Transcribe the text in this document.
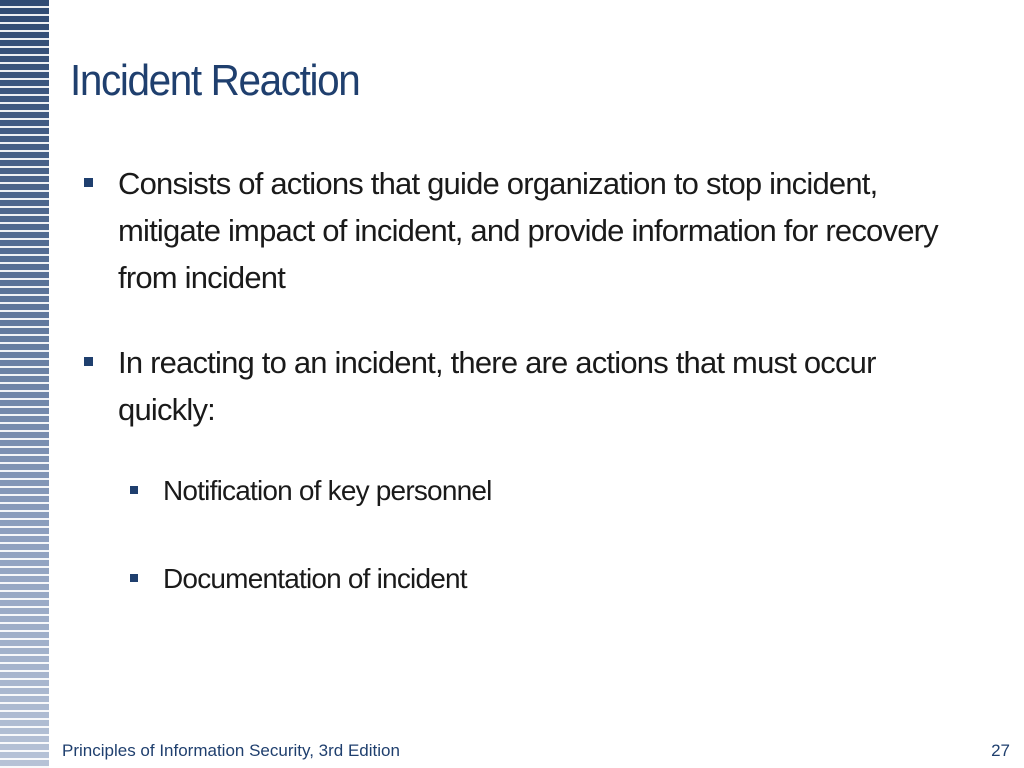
Incident Reaction
Consists of actions that guide organization to stop incident, mitigate impact of incident, and provide information for recovery from incident
In reacting to an incident, there are actions that must occur quickly:
Notification of key personnel
Documentation of incident
Principles of Information Security, 3rd Edition	27
